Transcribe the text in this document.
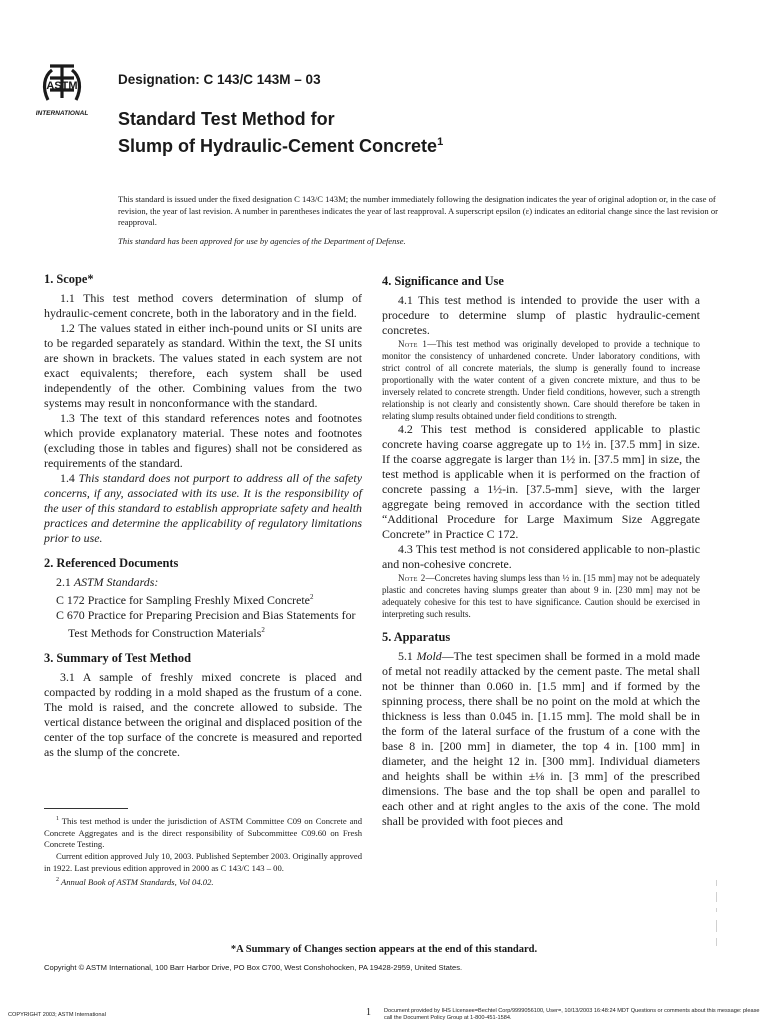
ASTM
INTERNATIONAL
Designation: C 143/C 143M – 03
Standard Test Method for
Slump of Hydraulic-Cement Concrete$^1$
This standard is issued under the fixed designation C 143/C 143M; the number immediately following the designation indicates the year of original adoption or, in the case of revision, the year of last revision. A number in parentheses indicates the year of last reapproval. A superscript epsilon (ε) indicates an editorial change since the last revision or reapproval.
This standard has been approved for use by agencies of the Department of Defense.
1. Scope*

1.1 This test method covers determination of slump of hydraulic-cement concrete, both in the laboratory and in the field.

1.2 The values stated in either inch-pound units or SI units are to be regarded separately as standard. Within the text, the SI units are shown in brackets. The values stated in each system are not exact equivalents; therefore, each system shall be used independently of the other. Combining values from the two systems may result in nonconformance with the standard.

1.3 The text of this standard references notes and footnotes which provide explanatory material. These notes and footnotes (excluding those in tables and figures) shall not be considered as requirements of the standard.

1.4 This standard does not purport to address all of the safety concerns, if any, associated with its use. It is the responsibility of the user of this standard to establish appropriate safety and health practices and determine the applicability of regulatory limitations prior to use.

2. Referenced Documents

2.1 ASTM Standards:

C 172 Practice for Sampling Freshly Mixed Concrete$^2$

C 670 Practice for Preparing Precision and Bias Statements for Test Methods for Construction Materials$^2$

3. Summary of Test Method

3.1 A sample of freshly mixed concrete is placed and compacted by rodding in a mold shaped as the frustum of a cone. The mold is raised, and the concrete allowed to subside. The vertical distance between the original and displaced position of the center of the top surface of the concrete is measured and reported as the slump of the concrete.

$^1$ This test method is under the jurisdiction of ASTM Committee C09 on Concrete and Concrete Aggregates and is the direct responsibility of Subcommittee C09.60 on Fresh Concrete Testing.

Current edition approved July 10, 2003. Published September 2003. Originally approved in 1922. Last previous edition approved in 2000 as C 143/C 143 – 00.

$^2$ Annual Book of ASTM Standards, Vol 04.02.

4. Significance and Use

4.1 This test method is intended to provide the user with a procedure to determine slump of plastic hydraulic-cement concretes.

Note 1—This test method was originally developed to provide a technique to monitor the consistency of unhardened concrete. Under laboratory conditions, with strict control of all concrete materials, the slump is generally found to increase proportionally with the water content of a given concrete mixture, and thus to be inversely related to concrete strength. Under field conditions, however, such a strength relationship is not clearly and consistently shown. Care should therefore be taken in relating slump results obtained under field conditions to strength.

4.2 This test method is considered applicable to plastic concrete having coarse aggregate up to 1½ in. [37.5 mm] in size. If the coarse aggregate is larger than 1½ in. [37.5 mm] in size, the test method is applicable when it is performed on the fraction of concrete passing a 1½-in. [37.5-mm] sieve, with the larger aggregate being removed in accordance with the section titled “Additional Procedure for Large Maximum Size Aggregate Concrete” in Practice C 172.

4.3 This test method is not considered applicable to non-plastic and non-cohesive concrete.

Note 2—Concretes having slumps less than ½ in. [15 mm] may not be adequately plastic and concretes having slumps greater than about 9 in. [230 mm] may not be adequately cohesive for this test to have significance. Caution should be exercised in interpreting such results.

5. Apparatus

5.1 Mold—The test specimen shall be formed in a mold made of metal not readily attacked by the cement paste. The metal shall not be thinner than 0.060 in. [1.5 mm] and if formed by the spinning process, there shall be no point on the mold at which the thickness is less than 0.045 in. [1.15 mm]. The mold shall be in the form of the lateral surface of the frustum of a cone with the base 8 in. [200 mm] in diameter, the top 4 in. [100 mm] in diameter, and the height 12 in. [300 mm]. Individual diameters and heights shall be within ±⅛ in. [3 mm] of the prescribed dimensions. The base and the top shall be open and parallel to each other and at right angles to the axis of the cone. The mold shall be provided with foot pieces and

*A Summary of Changes section appears at the end of this standard.
Copyright © ASTM International, 100 Barr Harbor Drive, PO Box C700, West Conshohocken, PA 19428-2959, United States.
COPYRIGHT 2003; ASTM International	1 Document provided by IHS Licensee=Bechtel Corp/9999056100, User=, 10/13/2003 16:48:24 MDT Questions or comments about this message: please call the Document Policy Group at 1-800-451-1584.
